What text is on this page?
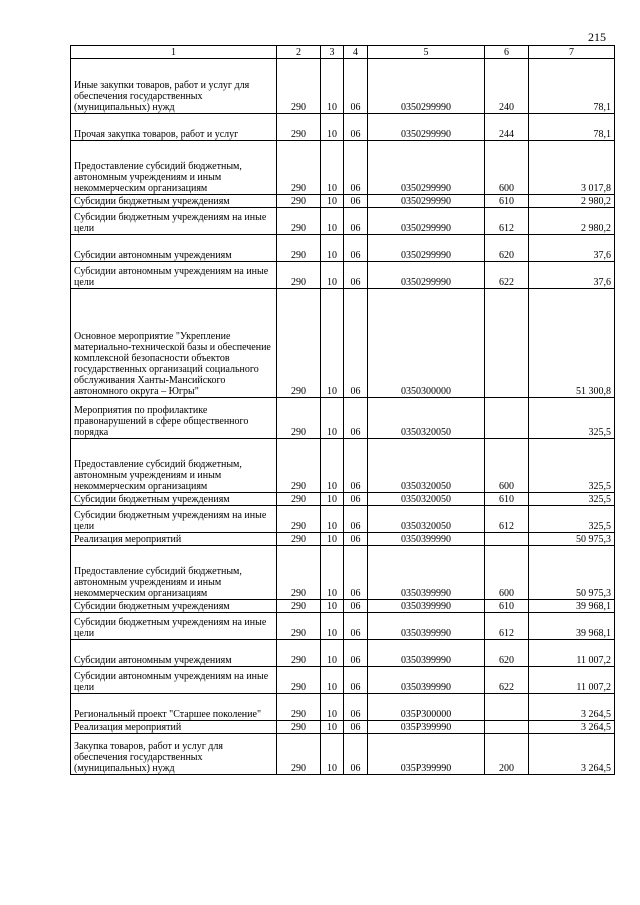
215
1	2	3	4	5	6	7
Иные закупки товаров, работ и услуг для обеспечения государственных (муниципальных) нужд	290	10	06	0350299990	240	78,1
Прочая закупка товаров, работ и услуг	290	10	06	0350299990	244	78,1
Предоставление субсидий бюджетным, автономным учреждениям и иным некоммерческим организациям	290	10	06	0350299990	600	3 017,8
Субсидии бюджетным учреждениям	290	10	06	0350299990	610	2 980,2
Субсидии бюджетным учреждениям на иные цели	290	10	06	0350299990	612	2 980,2
Субсидии автономным учреждениям	290	10	06	0350299990	620	37,6
Субсидии автономным учреждениям на иные цели	290	10	06	0350299990	622	37,6
Основное мероприятие "Укрепление материально-технической базы и обеспечение комплексной безопасности объектов государственных организаций социального обслуживания Ханты-Мансийского автономного округа – Югры"	290	10	06	0350300000		51 300,8
Мероприятия по профилактике правонарушений в сфере общественного порядка	290	10	06	0350320050		325,5
Предоставление субсидий бюджетным, автономным учреждениям и иным некоммерческим организациям	290	10	06	0350320050	600	325,5
Субсидии бюджетным учреждениям	290	10	06	0350320050	610	325,5
Субсидии бюджетным учреждениям на иные цели	290	10	06	0350320050	612	325,5
Реализация мероприятий	290	10	06	0350399990		50 975,3
Предоставление субсидий бюджетным, автономным учреждениям и иным некоммерческим организациям	290	10	06	0350399990	600	50 975,3
Субсидии бюджетным учреждениям	290	10	06	0350399990	610	39 968,1
Субсидии бюджетным учреждениям на иные цели	290	10	06	0350399990	612	39 968,1
Субсидии автономным учреждениям	290	10	06	0350399990	620	11 007,2
Субсидии автономным учреждениям на иные цели	290	10	06	0350399990	622	11 007,2
Региональный проект "Старшее поколение"	290	10	06	035P300000		3 264,5
Реализация мероприятий	290	10	06	035P399990		3 264,5
Закупка товаров, работ и услуг для обеспечения государственных (муниципальных) нужд	290	10	06	035P399990	200	3 264,5
